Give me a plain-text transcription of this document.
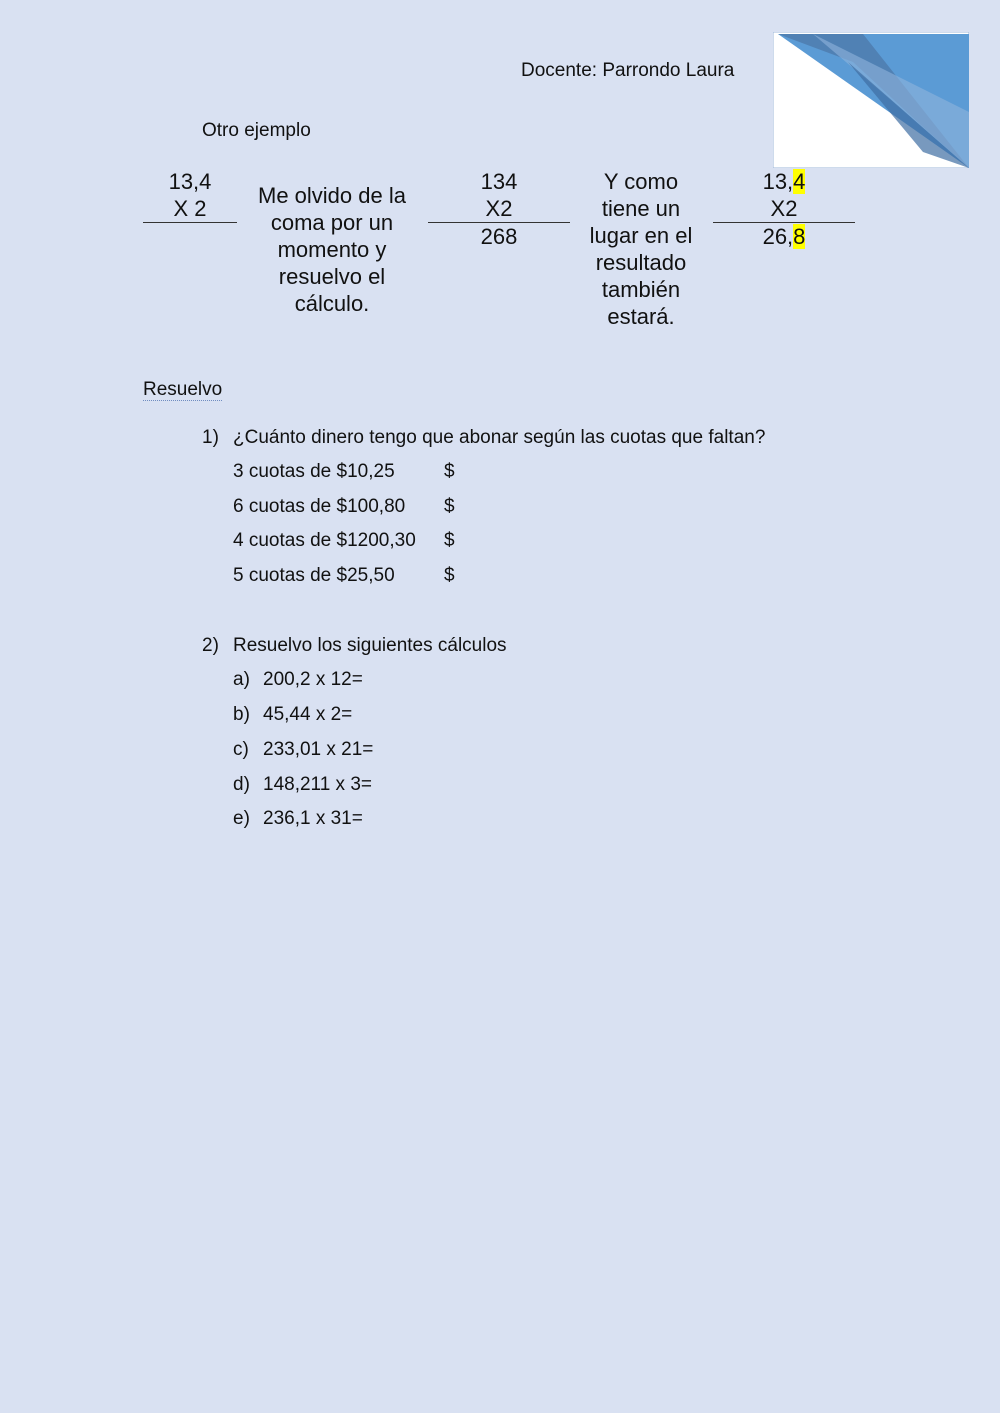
Docente: Parrondo Laura
Otro ejemplo
13,4
X 2
Me olvido de la coma por un momento y resuelvo el cálculo.
134
X2
268
Y como tiene un lugar en el resultado también estará.
13,4
X2
26,8
Resuelvo
1) ¿Cuánto dinero tengo que abonar según las cuotas que faltan?
3 cuotas de $10,25	$
6 cuotas de $100,80 $
4 cuotas de $1200,30 $
5 cuotas de $25,50	$
2) Resuelvo los siguientes cálculos
a) 200,2 x 12=
b) 45,44 x 2=
c) 233,01 x 21=
d) 148,211 x 3=
e) 236,1 x 31=
